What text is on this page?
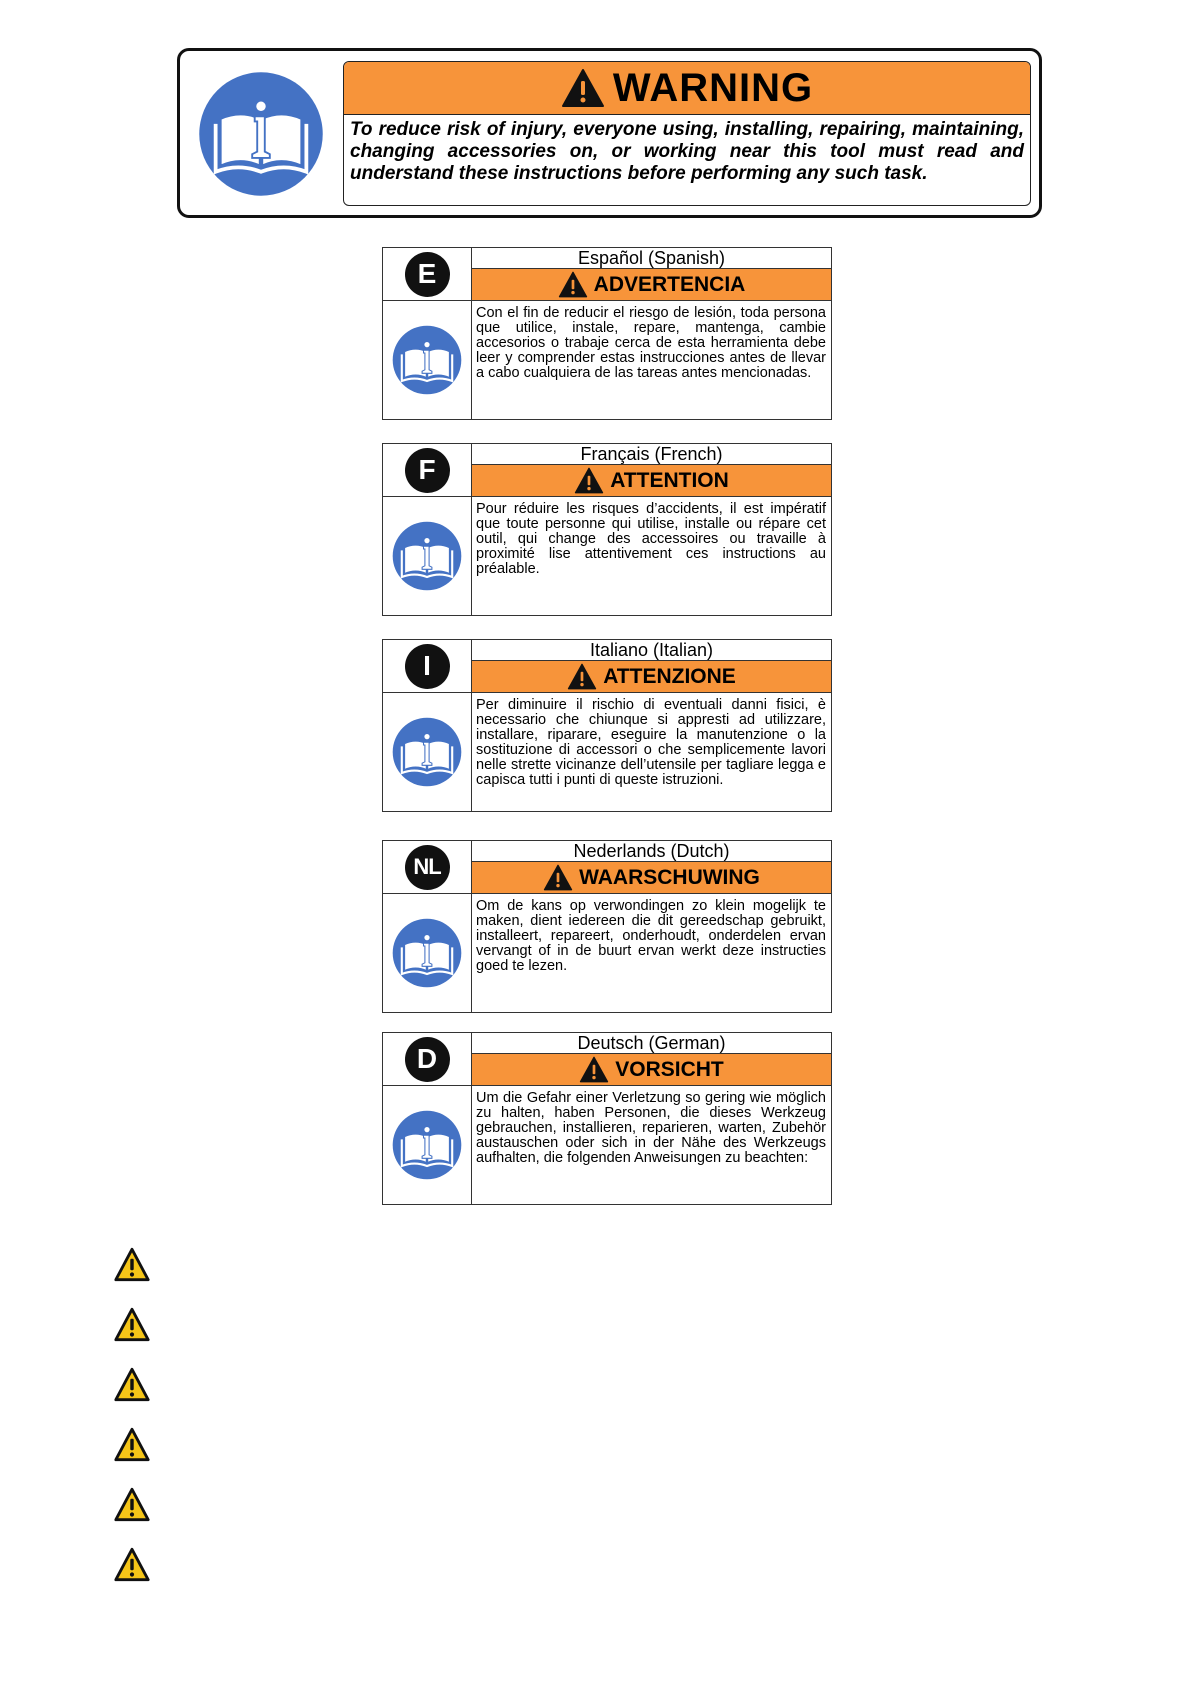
WARNING

To reduce risk of injury, everyone using, installing, repairing, maintaining, changing accessories on, or working near this tool must read and understand these instructions before performing any such task.

E	Español (Spanish)
ADVERTENCIA

Con el fin de reducir el riesgo de lesión, toda persona que utilice, instale, repare, mantenga, cambie accesorios o trabaje cerca de esta herramienta debe leer y comprender estas instrucciones antes de llevar a cabo cualquiera de las tareas antes mencionadas.

F	Français (French)
ATTENTION

Pour réduire les risques d’accidents, il est impératif que toute personne qui utilise, installe ou répare cet outil, qui change des accessoires ou travaille à proximité lise attentivement ces instructions au préalable.

I	Italiano (Italian)
ATTENZIONE

Per diminuire il rischio di eventuali danni fisici, è necessario che chiunque si appresti ad utilizzare, installare, riparare, eseguire la manutenzione o la sostituzione di accessori o che semplicemente lavori nelle strette vicinanze dell’utensile per tagliare legga e capisca tutti i punti di queste istruzioni.

NL
Nederlands (Dutch)
WAARSCHUWING

Om de kans op verwondingen zo klein mogelijk te maken, dient iedereen die dit gereedschap gebruikt, installeert, repareert, onderhoudt, onderdelen ervan vervangt of in de buurt ervan werkt deze instructies goed te lezen.

D	Deutsch (German)
VORSICHT

Um die Gefahr einer Verletzung so gering wie möglich zu halten, haben Personen, die dieses Werkzeug gebrauchen, installieren, reparieren, warten, Zubehör austauschen oder sich in der Nähe des Werkzeugs aufhalten, die folgenden Anweisungen zu beachten:
